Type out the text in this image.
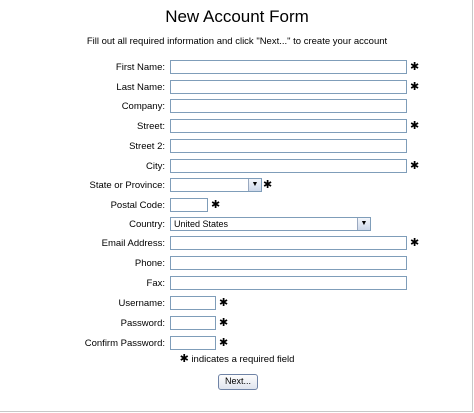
New Account Form
Fill out all required information and click "Next..." to create your account
First Name:	✱
Last Name:	✱
Company:
Street:	✱
Street 2:
City:	✱
State or Province:	▼ ✱
Postal Code:	✱
Country:	United States	▼
Email Address:	✱
Phone:
Fax:
Username:	✱
Password:	✱
Confirm Password:	✱
✱ indicates a required field
Next...
